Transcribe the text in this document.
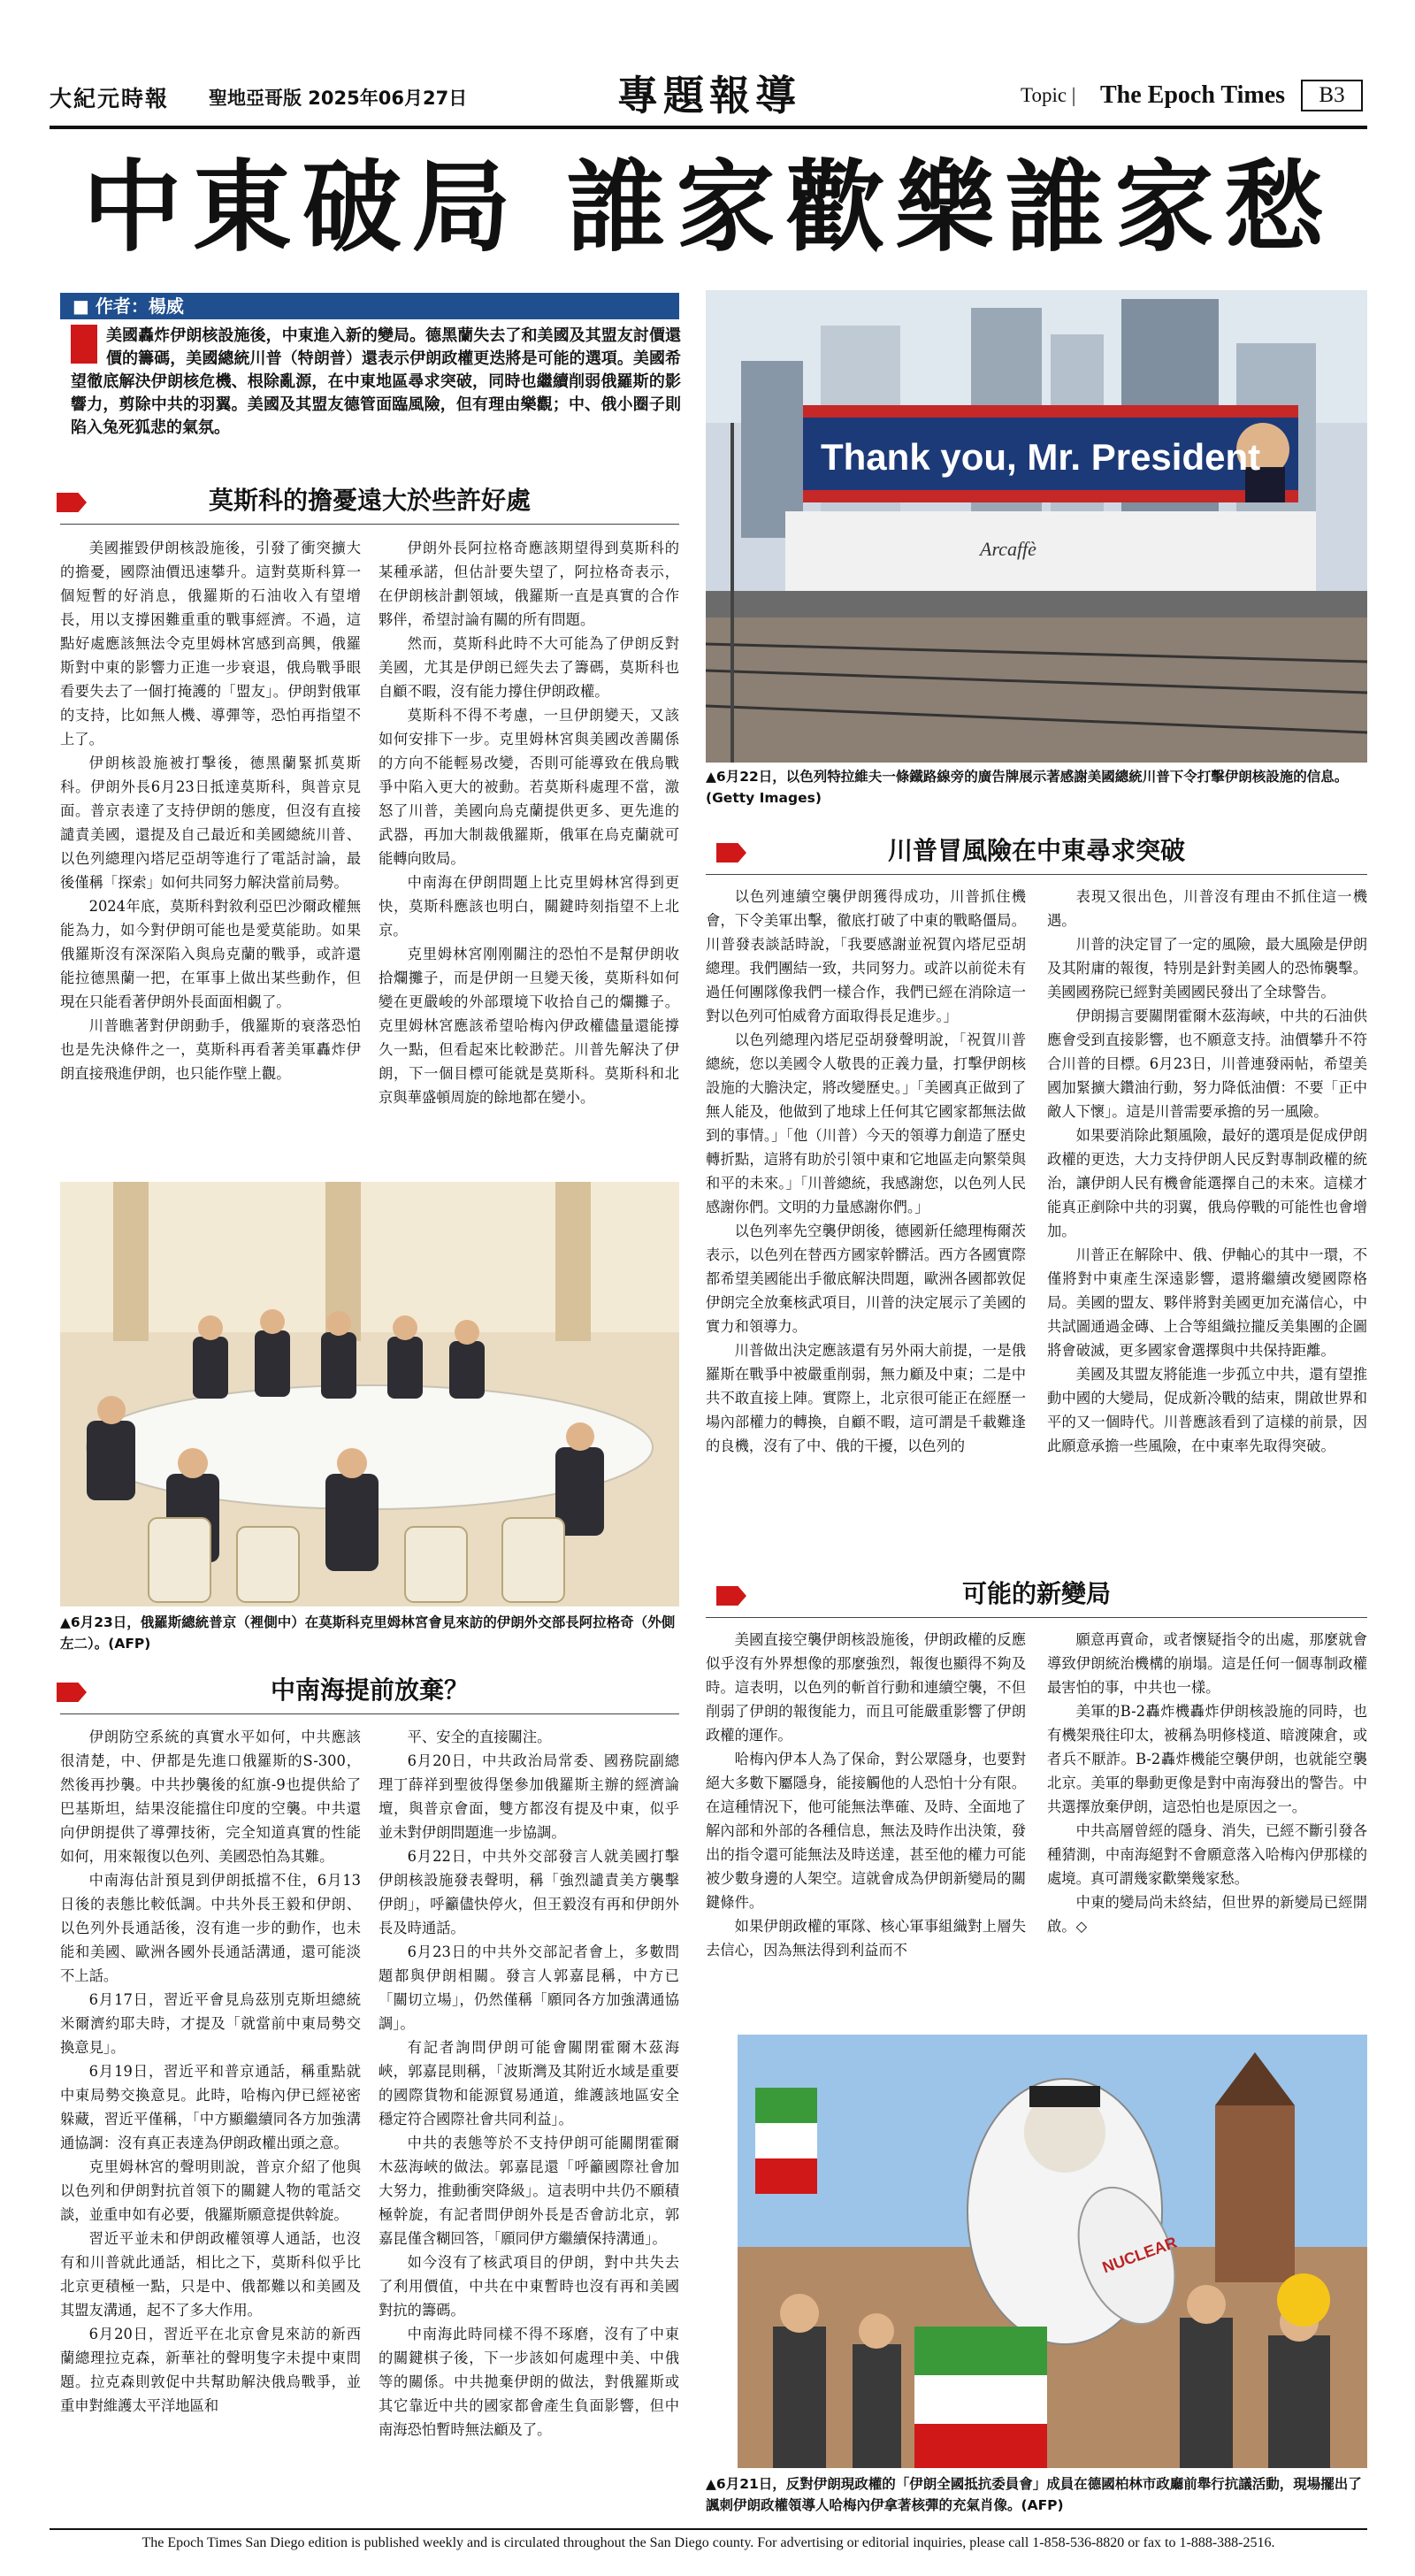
大紀元時報 聖地亞哥版 2025年06月27日	專題報導	Topic | The Epoch Times	B3
中東破局 誰家歡樂誰家愁
■ 作者：楊威
美國轟炸伊朗核設施後，中東進入新的變局。德黑蘭失去了和美國及其盟友討價還價的籌碼，美國總統川普（特朗普）還表示伊朗政權更迭將是可能的選項。美國希望徹底解決伊朗核危機、根除亂源，在中東地區尋求突破，同時也繼續削弱俄羅斯的影響力，剪除中共的羽翼。美國及其盟友德管面臨風險，但有理由樂觀；中、俄小圈子則陷入兔死狐悲的氣氛。
Thank you, Mr. President
Arcaffè
▲6月22日，以色列特拉維夫一條鐵路線旁的廣告牌展示著感謝美國總統川普下令打擊伊朗核設施的信息。(Getty Images)
莫斯科的擔憂遠大於些許好處

美國摧毀伊朗核設施後，引發了衝突擴大的擔憂，國際油價迅速攀升。這對莫斯科算一個短暫的好消息，俄羅斯的石油收入有望增長，用以支撐困難重重的戰事經濟。不過，這點好處應該無法令克里姆林宮感到高興，俄羅斯對中東的影響力正進一步衰退，俄烏戰爭眼看要失去了一個打掩護的「盟友」。伊朗對俄軍的支持，比如無人機、導彈等，恐怕再指望不上了。

伊朗核設施被打擊後，德黑蘭緊抓莫斯科。伊朗外長6月23日抵達莫斯科，與普京見面。普京表達了支持伊朗的態度，但沒有直接譴責美國，還提及自己最近和美國總統川普、以色列總理內塔尼亞胡等進行了電話討論，最後僅稱「探索」如何共同努力解決當前局勢。

2024年底，莫斯科對敘利亞巴沙爾政權無能為力，如今對伊朗可能也是愛莫能助。如果俄羅斯沒有深深陷入與烏克蘭的戰爭，或許還能拉德黑蘭一把，在軍事上做出某些動作，但現在只能看著伊朗外長面面相覷了。

川普瞧著對伊朗動手，俄羅斯的衰落恐怕也是先決條件之一，莫斯科再看著美軍轟炸伊朗直接飛進伊朗，也只能作壁上觀。

伊朗外長阿拉格奇應該期望得到莫斯科的某種承諾，但估計要失望了，阿拉格奇表示，在伊朗核計劃領域，俄羅斯一直是真實的合作夥伴，希望討論有關的所有問題。

然而，莫斯科此時不大可能為了伊朗反對美國，尤其是伊朗已經失去了籌碼，莫斯科也自顧不暇，沒有能力撐住伊朗政權。

莫斯科不得不考慮，一旦伊朗變天，又該如何安排下一步。克里姆林宮與美國改善關係的方向不能輕易改變，否則可能導致在俄烏戰爭中陷入更大的被動。若莫斯科處理不當，激怒了川普，美國向烏克蘭提供更多、更先進的武器，再加大制裁俄羅斯，俄軍在烏克蘭就可能轉向敗局。

中南海在伊朗問題上比克里姆林宮得到更快，莫斯科應該也明白，關鍵時刻指望不上北京。

克里姆林宮刚刚關注的恐怕不是幫伊朗收拾爛攤子，而是伊朗一旦變天後，莫斯科如何變在更嚴峻的外部環境下收拾自己的爛攤子。克里姆林宮應該希望哈梅內伊政權儘量還能撐久一點，但看起來比較渺茫。川普先解決了伊朗，下一個目標可能就是莫斯科。莫斯科和北京與華盛頓周旋的餘地都在變小。

▲6月23日，俄羅斯總統普京（裡側中）在莫斯科克里姆林宮會見來訪的伊朗外交部長阿拉格奇（外側左二）。(AFP)
中南海提前放棄？

伊朗防空系統的真實水平如何，中共應該很清楚，中、伊都是先進口俄羅斯的S-300，然後再抄襲。中共抄襲後的紅旗-9也提供給了巴基斯坦，結果沒能擋住印度的空襲。中共還向伊朗提供了導彈技術，完全知道真實的性能如何，用來報復以色列、美國恐怕為其難。

中南海估計預見到伊朗抵擋不住，6月13日後的表態比較低調。中共外長王毅和伊朗、以色列外長通話後，沒有進一步的動作，也未能和美國、歐洲各國外長通話溝通，還可能淡不上話。

6月17日，習近平會見烏茲別克斯坦總統米爾濟約耶夫時，才提及「就當前中東局勢交換意見」。

6月19日，習近平和普京通話，稱重點就中東局勢交換意見。此時，哈梅內伊已經祕密躲藏，習近平僅稱，「中方顯繼續同各方加強溝通協調：沒有真正表達為伊朗政權出頭之意。

克里姆林宮的聲明則說，普京介紹了他與以色列和伊朗對抗首領下的關鍵人物的電話交談，並重申如有必要，俄羅斯願意提供斡旋。

習近平並未和伊朗政權領導人通話，也沒有和川普就此通話，相比之下，莫斯科似乎比北京更積極一點，只是中、俄都難以和美國及其盟友溝通，起不了多大作用。

6月20日，習近平在北京會見來訪的新西蘭總理拉克森，新華社的聲明隻字未提中東問題。拉克森則敦促中共幫助解決俄烏戰爭，並重申對維護太平洋地區和

平、安全的直接關注。

6月20日，中共政治局常委、國務院副總理丁薛祥到聖彼得堡參加俄羅斯主辦的經濟論壇，與普京會面，雙方都沒有提及中東，似乎並未對伊朗問題進一步協調。

6月22日，中共外交部發言人就美國打擊伊朗核設施發表聲明，稱「強烈譴責美方襲擊伊朗」，呼籲儘快停火，但王毅沒有再和伊朗外長及時通話。

6月23日的中共外交部記者會上，多數問題都與伊朗相關。發言人郭嘉昆稱，中方已「關切立場」，仍然僅稱「願同各方加強溝通協調」。

有記者詢問伊朗可能會關閉霍爾木茲海峽，郭嘉昆則稱，「波斯灣及其附近水域是重要的國際貨物和能源貿易通道，維護該地區安全穩定符合國際社會共同利益」。

中共的表態等於不支持伊朗可能關閉霍爾木茲海峽的做法。郭嘉昆還「呼籲國際社會加大努力，推動衝突降級」。這表明中共仍不願積極幹旋，有記者問伊朗外長是否會訪北京，郭嘉昆僅含糊回答，「願同伊方繼續保持溝通」。

如今沒有了核武項目的伊朗，對中共失去了利用價值，中共在中東暫時也沒有再和美國對抗的籌碼。

中南海此時同樣不得不琢磨，沒有了中東的關鍵棋子後，下一步該如何處理中美、中俄等的關係。中共拋棄伊朗的做法，對俄羅斯或其它靠近中共的國家都會產生負面影響，但中南海恐怕暫時無法顧及了。

川普冒風險在中東尋求突破

以色列連續空襲伊朗獲得成功，川普抓住機會，下令美軍出擊，徹底打破了中東的戰略僵局。川普發表談話時說，「我要感謝並祝賀內塔尼亞胡總理。我們團結一致，共同努力。或許以前從未有過任何團隊像我們一樣合作，我們已經在消除這一對以色列可怕威脅方面取得長足進步。」

以色列總理內塔尼亞胡發聲明說，「祝賀川普總統，您以美國令人敬畏的正義力量，打擊伊朗核設施的大膽決定，將改變歷史。」「美國真正做到了無人能及，他做到了地球上任何其它國家都無法做到的事情。」「他（川普）今天的領導力創造了歷史轉折點，這將有助於引領中東和它地區走向繁榮與和平的未來。」「川普總統，我感謝您，以色列人民感謝你們。文明的力量感謝你們。」

以色列率先空襲伊朗後，德國新任總理梅爾茨表示，以色列在替西方國家幹髒活。西方各國實際都希望美國能出手徹底解決問題，歐洲各國都敦促伊朗完全放棄核武項目，川普的決定展示了美國的實力和領導力。

川普做出決定應該還有另外兩大前提，一是俄羅斯在戰爭中被嚴重削弱，無力顧及中東；二是中共不敢直接上陣。實際上，北京很可能正在經歷一場內部權力的轉換，自顧不暇，這可謂是千載難逢的良機，沒有了中、俄的干擾，以色列的

表現又很出色，川普沒有理由不抓住這一機遇。

川普的決定冒了一定的風險，最大風險是伊朗及其附庸的報復，特別是針對美國人的恐怖襲擊。美國國務院已經對美國國民發出了全球警告。

伊朗揚言要關閉霍爾木茲海峽，中共的石油供應會受到直接影響，也不願意支持。油價攀升不符合川普的目標。6月23日，川普連發兩帖，希望美國加緊擴大鑽油行動，努力降低油價：不要「正中敵人下懷」。這是川普需要承擔的另一風險。

如果要消除此類風險，最好的選項是促成伊朗政權的更迭，大力支持伊朗人民反對專制政權的統治，讓伊朗人民有機會能選擇自己的未來。這樣才能真正剷除中共的羽翼，俄烏停戰的可能性也會增加。

川普正在解除中、俄、伊軸心的其中一環，不僅將對中東產生深遠影響，還將繼續改變國際格局。美國的盟友、夥伴將對美國更加充滿信心，中共試圖通過金磚、上合等組織拉攏反美集團的企圖將會破滅，更多國家會選擇與中共保持距離。

美國及其盟友將能進一步孤立中共，還有望推動中國的大變局，促成新冷戰的結束，開啟世界和平的又一個時代。川普應該看到了這樣的前景，因此願意承擔一些風險，在中東率先取得突破。

可能的新變局

美國直接空襲伊朗核設施後，伊朗政權的反應似乎沒有外界想像的那麼強烈，報復也顯得不夠及時。這表明，以色列的斬首行動和連續空襲，不但削弱了伊朗的報復能力，而且可能嚴重影響了伊朗政權的運作。

哈梅內伊本人為了保命，對公眾隱身，也要對絕大多數下屬隱身，能接觸他的人恐怕十分有限。在這種情況下，他可能無法準確、及時、全面地了解內部和外部的各種信息，無法及時作出決策，發出的指令還可能無法及時送達，甚至他的權力可能被少數身邊的人架空。這就會成為伊朗新變局的關鍵條件。

如果伊朗政權的軍隊、核心軍事組織對上層失去信心，因為無法得到利益而不

願意再賣命，或者懷疑指令的出處，那麼就會導致伊朗統治機構的崩塌。這是任何一個專制政權最害怕的事，中共也一樣。

美軍的B-2轟炸機轟炸伊朗核設施的同時，也有機架飛往印太，被稱為明修棧道、暗渡陳倉，或者兵不厭詐。B-2轟炸機能空襲伊朗，也就能空襲北京。美軍的舉動更像是對中南海發出的警告。中共選擇放棄伊朗，這恐怕也是原因之一。

中共高層曾經的隱身、消失，已經不斷引發各種猜測，中南海絕對不會願意落入哈梅內伊那樣的處境。真可謂幾家歡樂幾家愁。

中東的變局尚未終結，但世界的新變局已經開啟。◇

NUCLEAR
▲6月21日，反對伊朗現政權的「伊朗全國抵抗委員會」成員在德國柏林市政廳前舉行抗議活動，現場擺出了諷刺伊朗政權領導人哈梅內伊拿著核彈的充氣肖像。(AFP)
The Epoch Times San Diego edition is published weekly and is circulated throughout the San Diego county. For advertising or editorial inquiries, please call 1-858-536-8820 or fax to 1-888-388-2516.
